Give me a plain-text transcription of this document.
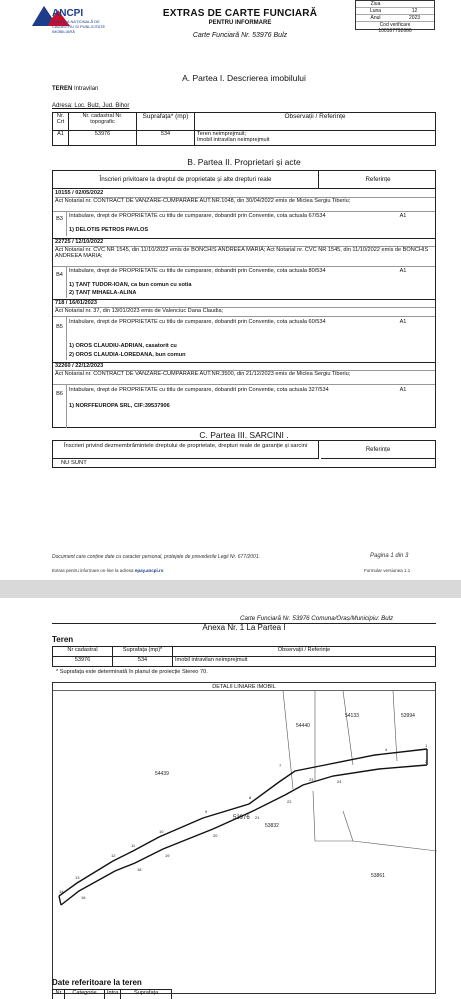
ANCPI
AGENȚIA NAȚIONALĂ DE CADASTRU ȘI PUBLICITATE IMOBILIARĂ
EXTRAS DE CARTE FUNCIARĂ
PENTRU INFORMARE
Carte Funciară Nr. 53976 Bulz
Ziua
Luna	12
Anul	2023
Cod verificare
100167792666
A. Partea I. Descrierea imobilului
TEREN Intravilan
Adresa: Loc. Bulz, Jud. Bihor
Nr. Crt	Nr. cadastral Nr. topografic	Suprafața* (mp)	Observații / Referințe
A1	53976	534	Teren neimprejmuit;
Imobil intravilan neimprejmuit
B. Partea II. Proprietari și acte
Înscrieri privitoare la dreptul de proprietate și alte drepturi reale	Referințe
10155 / 02/05/2022
Act Notarial nr. CONTRACT DE VANZARE-CUMPARARE AUT.NR.1048, din 30/04/2022 emis de Miclea Sergiu Tiberiu;
B3	Intabulare, drept de PROPRIETATE cu titlu de cumparare, dobandit prin Conventie, cota actuala 67/534	A1
1) DELOTIS PETROS PAVLOS
22725 / 12/10/2022
Act Notarial nr. CVC NR 1545, din 11/10/2022 emis de BONCHIS ANDREEA MARIA; Act Notarial nr. CVC NR 1545, din 11/10/2022 emis de BONCHIS ANDREEA MARIA;
B4
Intabulare, drept de PROPRIETATE cu titlu de cumparare, dobandit prin Conventie, cota actuala 80/534	A1
1) ȚANȚ TUDOR-IOAN, ca bun comun cu sotia
2) ȚANȚ MIHAELA-ALINA
718 / 16/01/2023
Act Notarial nr. 37, din 13/01/2023 emis de Valenciuc Dana Claudia;
B5
Intabulare, drept de PROPRIETATE cu titlu de cumparare, dobandit prin Conventie, cota actuala 60/534	A1
1) OROS CLAUDIU-ADRIAN, casatorit cu
2) OROS CLAUDIA-LOREDANA, bun comun
32260 / 22/12/2023
Act Notarial nr. CONTRACT DE VANZARE-CUMPARARE AUT.NR.3500, din 21/12/2023 emis de Miclea Sergiu Tiberiu;
B6
Intabulare, drept de PROPRIETATE cu titlu de cumparare, dobandit prin Conventie, cota actuala 327/534	A1
1) NORFFEUROPA SRL, CIF:39537906
C. Partea III. SARCINI .
Înscrieri privind dezmembrămintele dreptului de proprietate, drepturi reale de garanție și sarcini
Referințe
NU SUNT
Document care conține date cu caracter personal, protejate de prevederile Legii Nr. 677/2001.	Pagina 1 din 3
Extras pentru informare on-line la adresa epay.ancpi.ro	Formular versiunea 1.1
Carte Funciară Nr. 53976 Comuna/Oraș/Municipiu: Bulz
Anexa Nr. 1 La Partea I
Teren
Nr cadastral	Suprafața (mp)*	Observații / Referințe
53976	534	Imobil intravilan neimprejmuit
* Suprafața este determinată în planul de proiecție Stereo 70.
DETALII LINIARE IMOBIL
54440
54133	53994
54439
53976
53832
53861
1
2
4
7
8
9
10
11
12
13
14
16
18
19
20
21
22
23	24
Date referitoare la teren
Nr	Categorie	Intra	Suprafața
